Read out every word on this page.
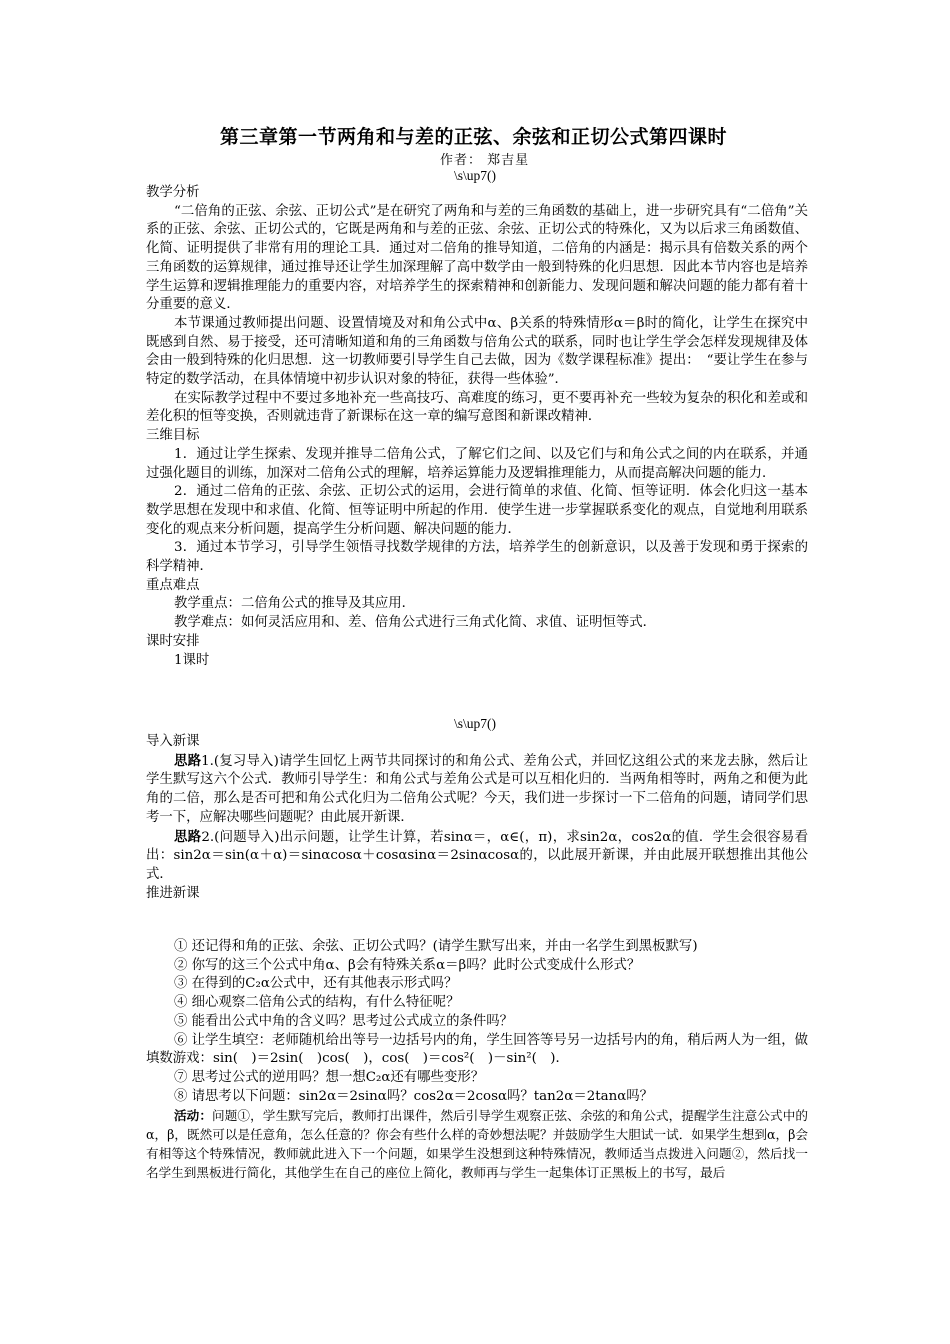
第三章第一节两角和与差的正弦、余弦和正切公式第四课时
作者： 郑吉星
\s\up7()

教学分析

“二倍角的正弦、余弦、正切公式”是在研究了两角和与差的三角函数的基础上，进一步研究具有“二倍角”关系的正弦、余弦、正切公式的，它既是两角和与差的正弦、余弦、正切公式的特殊化，又为以后求三角函数值、化简、证明提供了非常有用的理论工具．通过对二倍角的推导知道，二倍角的内涵是：揭示具有倍数关系的两个三角函数的运算规律，通过推导还让学生加深理解了高中数学由一般到特殊的化归思想．因此本节内容也是培养学生运算和逻辑推理能力的重要内容，对培养学生的探索精神和创新能力、发现问题和解决问题的能力都有着十分重要的意义．

本节课通过教师提出问题、设置情境及对和角公式中α、β关系的特殊情形α＝β时的简化，让学生在探究中既感到自然、易于接受，还可清晰知道和角的三角函数与倍角公式的联系，同时也让学生学会怎样发现规律及体会由一般到特殊的化归思想．这一切教师要引导学生自己去做，因为《数学课程标准》提出：　“要让学生在参与特定的数学活动，在具体情境中初步认识对象的特征，获得一些体验”．

在实际教学过程中不要过多地补充一些高技巧、高难度的练习，更不要再补充一些较为复杂的积化和差或和差化积的恒等变换，否则就违背了新课标在这一章的编写意图和新课改精神．

三维目标

1．通过让学生探索、发现并推导二倍角公式，了解它们之间、以及它们与和角公式之间的内在联系，并通过强化题目的训练，加深对二倍角公式的理解，培养运算能力及逻辑推理能力，从而提高解决问题的能力．

2．通过二倍角的正弦、余弦、正切公式的运用，会进行简单的求值、化简、恒等证明．体会化归这一基本数学思想在发现中和求值、化简、恒等证明中所起的作用．使学生进一步掌握联系变化的观点，自觉地利用联系变化的观点来分析问题，提高学生分析问题、解决问题的能力．

3．通过本节学习，引导学生领悟寻找数学规律的方法，培养学生的创新意识，以及善于发现和勇于探索的科学精神．

重点难点

教学重点：二倍角公式的推导及其应用．

教学难点：如何灵活应用和、差、倍角公式进行三角式化简、求值、证明恒等式．

课时安排

1课时

\s\up7()

导入新课

思路1.(复习导入)请学生回忆上两节共同探讨的和角公式、差角公式，并回忆这组公式的来龙去脉，然后让学生默写这六个公式．教师引导学生：和角公式与差角公式是可以互相化归的．当两角相等时，两角之和便为此角的二倍，那么是否可把和角公式化归为二倍角公式呢？今天，我们进一步探讨一下二倍角的问题，请同学们思考一下，应解决哪些问题呢？由此展开新课．

思路2.(问题导入)出示问题，让学生计算，若sinα＝，α∈(，π)，求sin2α，cos2α的值．学生会很容易看出：sin2α＝sin(α＋α)＝sinαcosα＋cosαsinα＝2sinαcosα的，以此展开新课，并由此展开联想推出其他公式．

推进新课

① 还记得和角的正弦、余弦、正切公式吗？(请学生默写出来，并由一名学生到黑板默写)

② 你写的这三个公式中角α、β会有特殊关系α＝β吗？此时公式变成什么形式？

③ 在得到的C₂α公式中，还有其他表示形式吗？

④ 细心观察二倍角公式的结构，有什么特征呢？

⑤ 能看出公式中角的含义吗？思考过公式成立的条件吗？

⑥ 让学生填空：老师随机给出等号一边括号内的角，学生回答等号另一边括号内的角，稍后两人为一组，做填数游戏：sin(　)＝2sin(　)cos(　)，cos(　)＝cos²(　)－sin²(　)．

⑦ 思考过公式的逆用吗？想一想C₂α还有哪些变形？

⑧ 请思考以下问题：sin2α＝2sinα吗？cos2α＝2cosα吗？tan2α＝2tanα吗？

活动：问题①，学生默写完后，教师打出课件，然后引导学生观察正弦、余弦的和角公式，提醒学生注意公式中的α，β，既然可以是任意角，怎么任意的？你会有些什么样的奇妙想法呢？并鼓励学生大胆试一试．如果学生想到α，β会有相等这个特殊情况，教师就此进入下一个问题，如果学生没想到这种特殊情况，教师适当点拨进入问题②，然后找一名学生到黑板进行简化，其他学生在自己的座位上简化，教师再与学生一起集体订正黑板上的书写，最后
